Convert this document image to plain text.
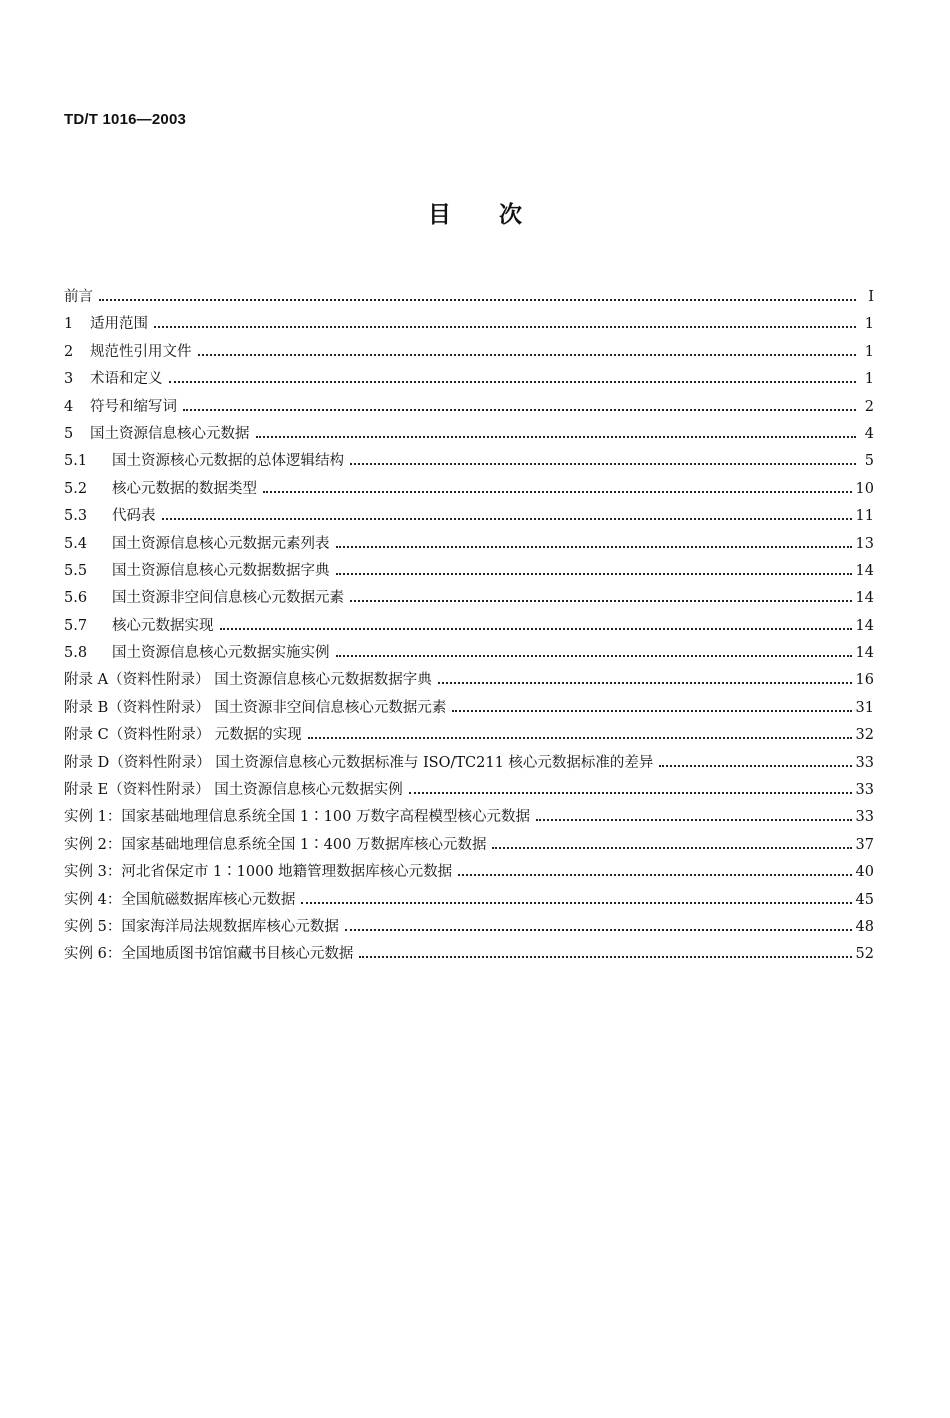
TD/T 1016—2003
目次
前言	I
1	适用范围	1
2	规范性引用文件	1
3	术语和定义	1
4	符号和缩写词	2
5	国土资源信息核心元数据	4
5.1	国土资源核心元数据的总体逻辑结构	5
5.2	核心元数据的数据类型	10
5.3	代码表	11
5.4	国土资源信息核心元数据元素列表	13
5.5	国土资源信息核心元数据数据字典	14
5.6	国土资源非空间信息核心元数据元素	14
5.7	核心元数据实现	14
5.8	国土资源信息核心元数据实施实例	14
附录 A（资料性附录） 国土资源信息核心元数据数据字典	16
附录 B（资料性附录） 国土资源非空间信息核心元数据元素	31
附录 C（资料性附录） 元数据的实现	32
附录 D（资料性附录） 国土资源信息核心元数据标准与 ISO/TC211 核心元数据标准的差异	33
附录 E（资料性附录） 国土资源信息核心元数据实例	33
实例 1：国家基础地理信息系统全国 1∶100 万数字高程模型核心元数据	33
实例 2：国家基础地理信息系统全国 1∶400 万数据库核心元数据	37
实例 3：河北省保定市 1∶1000 地籍管理数据库核心元数据	40
实例 4：全国航磁数据库核心元数据	45
实例 5：国家海洋局法规数据库核心元数据	48
实例 6：全国地质图书馆馆藏书目核心元数据	52
